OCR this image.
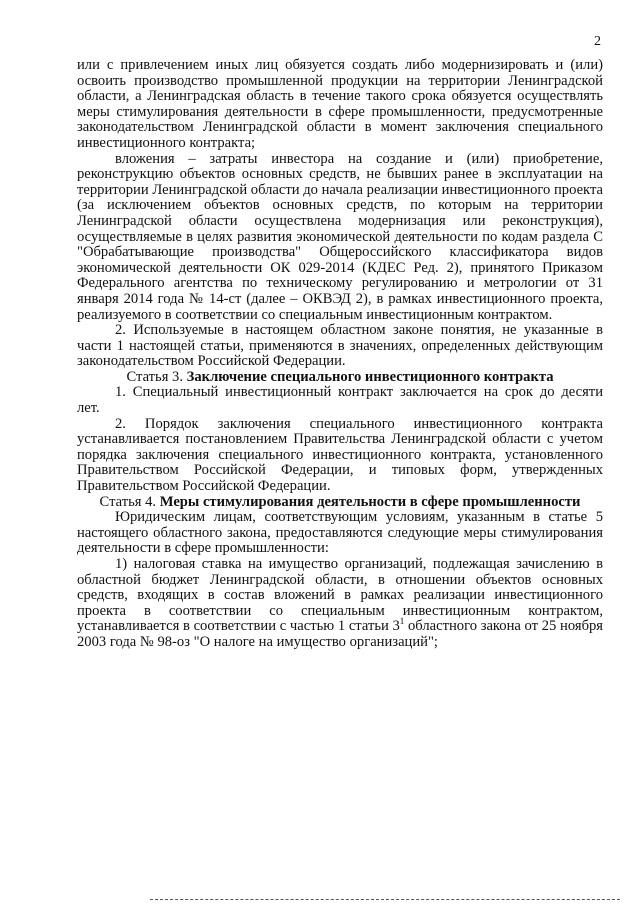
2

или с привлечением иных лиц обязуется создать либо модернизировать и (или) освоить производство промышленной продукции на территории Ленинградской области, а Ленинградская область в течение такого срока обязуется осуществлять меры стимулирования деятельности в сфере промышленности, предусмотренные законодательством Ленинградской области в момент заключения специального инвестиционного контракта;

вложения – затраты инвестора на создание и (или) приобретение, реконструкцию объектов основных средств, не бывших ранее в эксплуатации на территории Ленинградской области до начала реализации инвестиционного проекта (за исключением объектов основных средств, по которым на территории Ленинградской области осуществлена модернизация или реконструкция), осуществляемые в целях развития экономической деятельности по кодам раздела С "Обрабатывающие производства" Общероссийского классификатора видов экономической деятельности ОК 029-2014 (КДЕС Ред. 2), принятого Приказом Федерального агентства по техническому регулированию и метрологии от 31 января 2014 года № 14-ст (далее – ОКВЭД 2), в рамках инвестиционного проекта, реализуемого в соответствии со специальным инвестиционным контрактом.

2. Используемые в настоящем областном законе понятия, не указанные в части 1 настоящей статьи, применяются в значениях, определенных действующим законодательством Российской Федерации.

Статья 3. Заключение специального инвестиционного контракта

1. Специальный инвестиционный контракт заключается на срок до десяти лет.

2. Порядок заключения специального инвестиционного контракта устанавливается постановлением Правительства Ленинградской области с учетом порядка заключения специального инвестиционного контракта, установленного Правительством Российской Федерации, и типовых форм, утвержденных Правительством Российской Федерации.

Статья 4. Меры стимулирования деятельности в сфере промышленности

Юридическим лицам, соответствующим условиям, указанным в статье 5 настоящего областного закона, предоставляются следующие меры стимулирования деятельности в сфере промышленности:

1) налоговая ставка на имущество организаций, подлежащая зачислению в областной бюджет Ленинградской области, в отношении объектов основных средств, входящих в состав вложений в рамках реализации инвестиционного проекта в соответствии со специальным инвестиционным контрактом, устанавливается в соответствии с частью 1 статьи $3^1$ областного закона от 25 ноября 2003 года № 98-оз "О налоге на имущество организаций";
